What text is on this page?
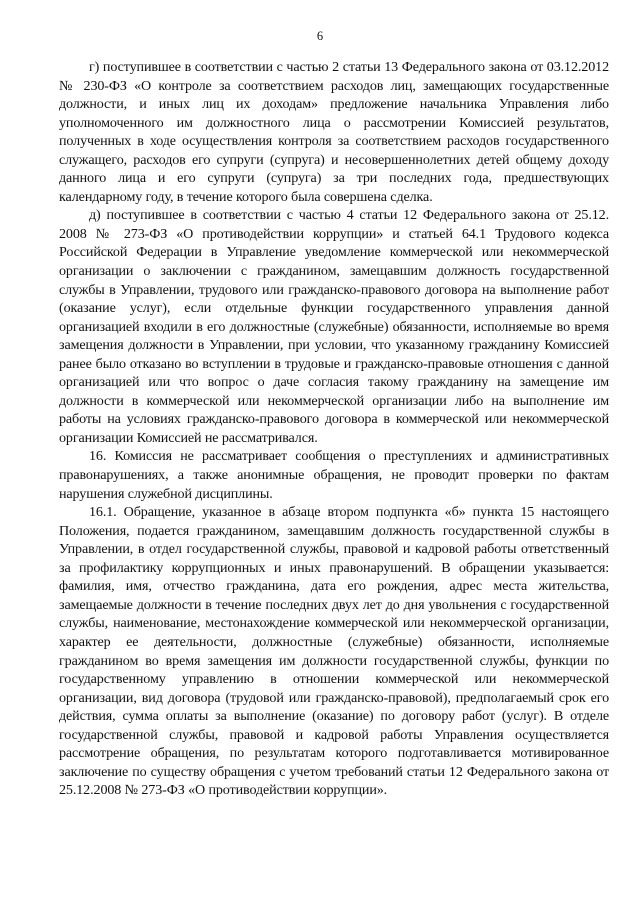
6

г) поступившее в соответствии с частью 2 статьи 13 Федерального закона от 03.12.2012 № 230-ФЗ «О контроле за соответствием расходов лиц, замещающих государственные должности, и иных лиц их доходам» предложение начальника Управления либо уполномоченного им должностного лица о рассмотрении Комиссией результатов, полученных в ходе осуществления контроля за соответствием расходов государственного служащего, расходов его супруги (супруга) и несовершеннолетних детей общему доходу данного лица и его супруги (супруга) за три последних года, предшествующих календарному году, в течение которого была совершена сделка.

д) поступившее в соответствии с частью 4 статьи 12 Федерального закона от 25.12. 2008 № 273-ФЗ «О противодействии коррупции» и статьей 64.1 Трудового кодекса Российской Федерации в Управление уведомление коммерческой или некоммерческой организации о заключении с гражданином, замещавшим должность государственной службы в Управлении, трудового или гражданско-правового договора на выполнение работ (оказание услуг), если отдельные функции государственного управления данной организацией входили в его должностные (служебные) обязанности, исполняемые во время замещения должности в Управлении, при условии, что указанному гражданину Комиссией ранее было отказано во вступлении в трудовые и гражданско-правовые отношения с данной организацией или что вопрос о даче согласия такому гражданину на замещение им должности в коммерческой или некоммерческой организации либо на выполнение им работы на условиях гражданско-правового договора в коммерческой или некоммерческой организации Комиссией не рассматривался.

16. Комиссия не рассматривает сообщения о преступлениях и административных правонарушениях, а также анонимные обращения, не проводит проверки по фактам нарушения служебной дисциплины.

16.1. Обращение, указанное в абзаце втором подпункта «б» пункта 15 настоящего Положения, подается гражданином, замещавшим должность государственной службы в Управлении, в отдел государственной службы, правовой и кадровой работы ответственный за профилактику коррупционных и иных правонарушений. В обращении указывается: фамилия, имя, отчество гражданина, дата его рождения, адрес места жительства, замещаемые должности в течение последних двух лет до дня увольнения с государственной службы, наименование, местонахождение коммерческой или некоммерческой организации, характер ее деятельности, должностные (служебные) обязанности, исполняемые гражданином во время замещения им должности государственной службы, функции по государственному управлению в отношении коммерческой или некоммерческой организации, вид договора (трудовой или гражданско-правовой), предполагаемый срок его действия, сумма оплаты за выполнение (оказание) по договору работ (услуг). В отделе государственной службы, правовой и кадровой работы Управления осуществляется рассмотрение обращения, по результатам которого подготавливается мотивированное заключение по существу обращения с учетом требований статьи 12 Федерального закона от 25.12.2008 № 273-ФЗ «О противодействии коррупции».
